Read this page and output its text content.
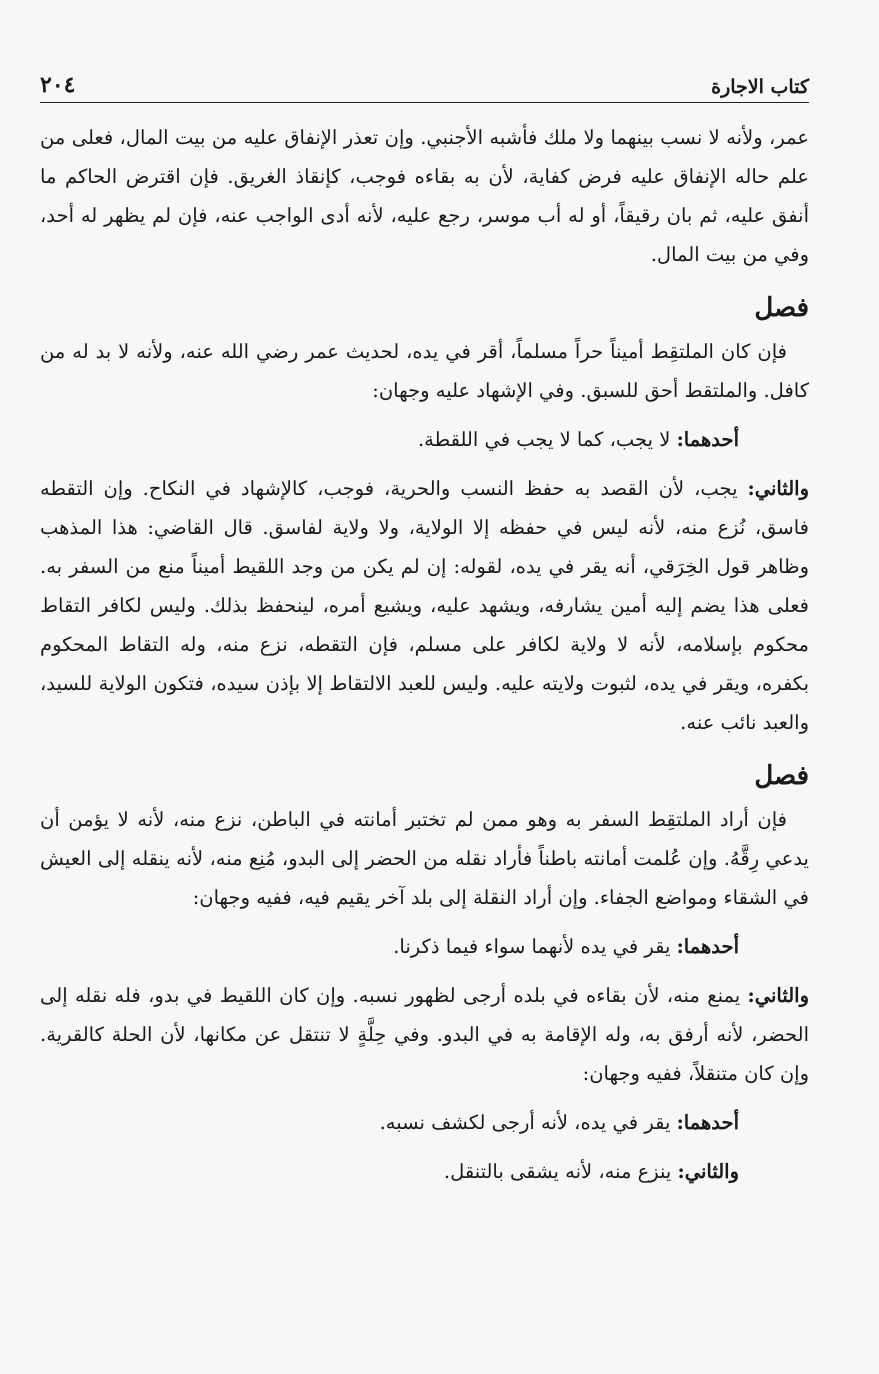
كتاب الاجارة
٢٠٤

عمر، ولأنه لا نسب بينهما ولا ملك فأشبه الأجنبي. وإن تعذر الإنفاق عليه من بيت المال، فعلى من علم حاله الإنفاق عليه فرض كفاية، لأن به بقاءه فوجب، كإنقاذ الغريق. فإن اقترض الحاكم ما أنفق عليه، ثم بان رقيقاً، أو له أب موسر، رجع عليه، لأنه أدى الواجب عنه، فإن لم يظهر له أحد، وفي من بيت المال.

فصل

فإن كان الملتقِط أميناً حراً مسلماً، أقر في يده، لحديث عمر رضي الله عنه، ولأنه لا بد له من كافل. والملتقط أحق للسبق. وفي الإشهاد عليه وجهان:

أحدهما: لا يجب، كما لا يجب في اللقطة.

والثاني: يجب، لأن القصد به حفظ النسب والحرية، فوجب، كالإشهاد في النكاح. وإن التقطه فاسق، نُزع منه، لأنه ليس في حفظه إلا الولاية، ولا ولاية لفاسق. قال القاضي: هذا المذهب وظاهر قول الخِرَقي، أنه يقر في يده، لقوله: إن لم يكن من وجد اللقيط أميناً منع من السفر به. فعلى هذا يضم إليه أمين يشارفه، ويشهد عليه، ويشيع أمره، لينحفظ بذلك. وليس لكافر التقاط محكوم بإسلامه، لأنه لا ولاية لكافر على مسلم، فإن التقطه، نزع منه، وله التقاط المحكوم بكفره، ويقر في يده، لثبوت ولايته عليه. وليس للعبد الالتقاط إلا بإذن سيده، فتكون الولاية للسيد، والعبد نائب عنه.

فصل

فإن أراد الملتقِط السفر به وهو ممن لم تختبر أمانته في الباطن، نزع منه، لأنه لا يؤمن أن يدعي رِقَّهُ. وإن عُلمت أمانته باطناً فأراد نقله من الحضر إلى البدو، مُنِع منه، لأنه ينقله إلى العيش في الشقاء ومواضع الجفاء. وإن أراد النقلة إلى بلد آخر يقيم فيه، ففيه وجهان:

أحدهما: يقر في يده لأنهما سواء فيما ذكرنا.

والثاني: يمنع منه، لأن بقاءه في بلده أرجى لظهور نسبه. وإن كان اللقيط في بدو، فله نقله إلى الحضر، لأنه أرفق به، وله الإقامة به في البدو. وفي حِلَّةٍ لا تنتقل عن مكانها، لأن الحلة كالقرية. وإن كان متنقلاً، ففيه وجهان:

أحدهما: يقر في يده، لأنه أرجى لكشف نسبه.

والثاني: ينزع منه، لأنه يشقى بالتنقل.
